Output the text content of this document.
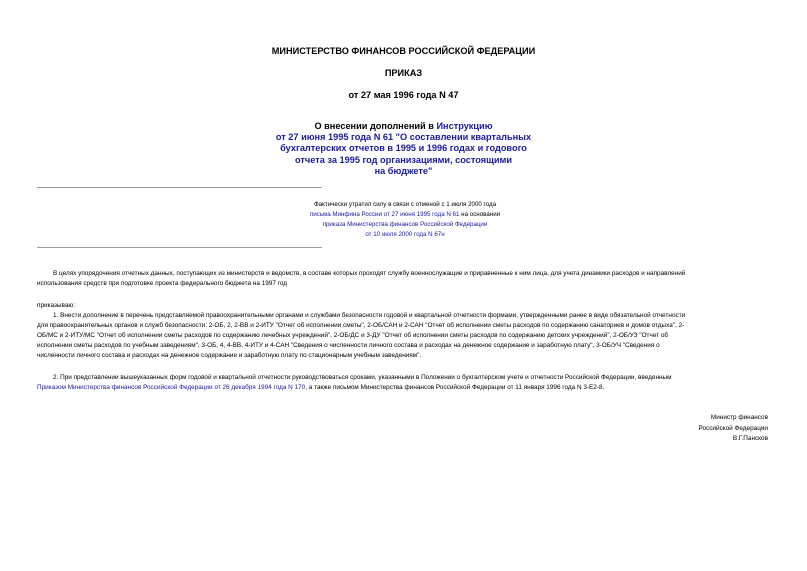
МИНИСТЕРСТВО ФИНАНСОВ РОССИЙСКОЙ ФЕДЕРАЦИИ
ПРИКАЗ
от 27 мая 1996 года N 47
О внесении дополнений в Инструкцию
от 27 июня 1995 года N 61 "О составлении квартальных
бухгалтерских отчетов в 1995 и 1996 годах и годового
отчета за 1995 год организациями, состоящими
на бюджете"
Фактически утратил силу в связи с отменой с 1 июля 2000 года
письма Минфина России от 27 июня 1995 года N 61 на основании
приказа Министерства финансов Российской Федерации
от 10 июля 2000 года N 67н
В целях упорядочения отчетных данных, поступающих из министерств и ведомств, в составе которых проходят службу военнослужащие и приравненные к ним лица, для учета динамики расходов и направлений
использования средств при подготовке проекта федерального бюджета на 1997 год
приказываю:
1. Внести дополнение в перечень представляемой правоохранительными органами и службами безопасности годовой и квартальной отчетности формами, утвержденными ранее в виде обязательной отчетности
для правоохранительных органов и служб безопасности: 2-ОБ, 2, 2-ВВ и 2-ИТУ "Отчет об исполнении сметы", 2-ОБ/САН и 2-САН "Отчет об исполнении сметы расходов по содержанию санаториев и домов отдыха", 2-
ОБ/МС и 2-ИТУ/МС "Отчет об исполнении сметы расходов по содержанию лечебных учреждений", 2-ОБ/ДС и 3-ДУ "Отчет об исполнении сметы расходов по содержанию детских учреждений", 2-ОБ/УЗ "Отчет об
исполнении сметы расходов по учебным заведениям", 3-ОБ, 4, 4-ВВ, 4-ИТУ и 4-САН "Сведения о численности личного состава и расходах на денежное содержание и заработную плату", 3-ОБ/УЧ "Сведения о
численности личного состава и расходах на денежное содержание и заработную плату по стационарным учебным заведениям".
2. При представлении вышеуказанных форм годовой и квартальной отчетности руководствоваться сроками, указанными в Положении о бухгалтерском учете и отчетности Российской Федерации, введенным
Приказом Министерства финансов Российской Федерации от 26 декабря 1994 года N 170, а также письмом Министерства финансов Российской Федерации от 11 января 1996 года N 3-Е2-8.
Министр финансов
Российской Федерации
В.Г.Пансков
